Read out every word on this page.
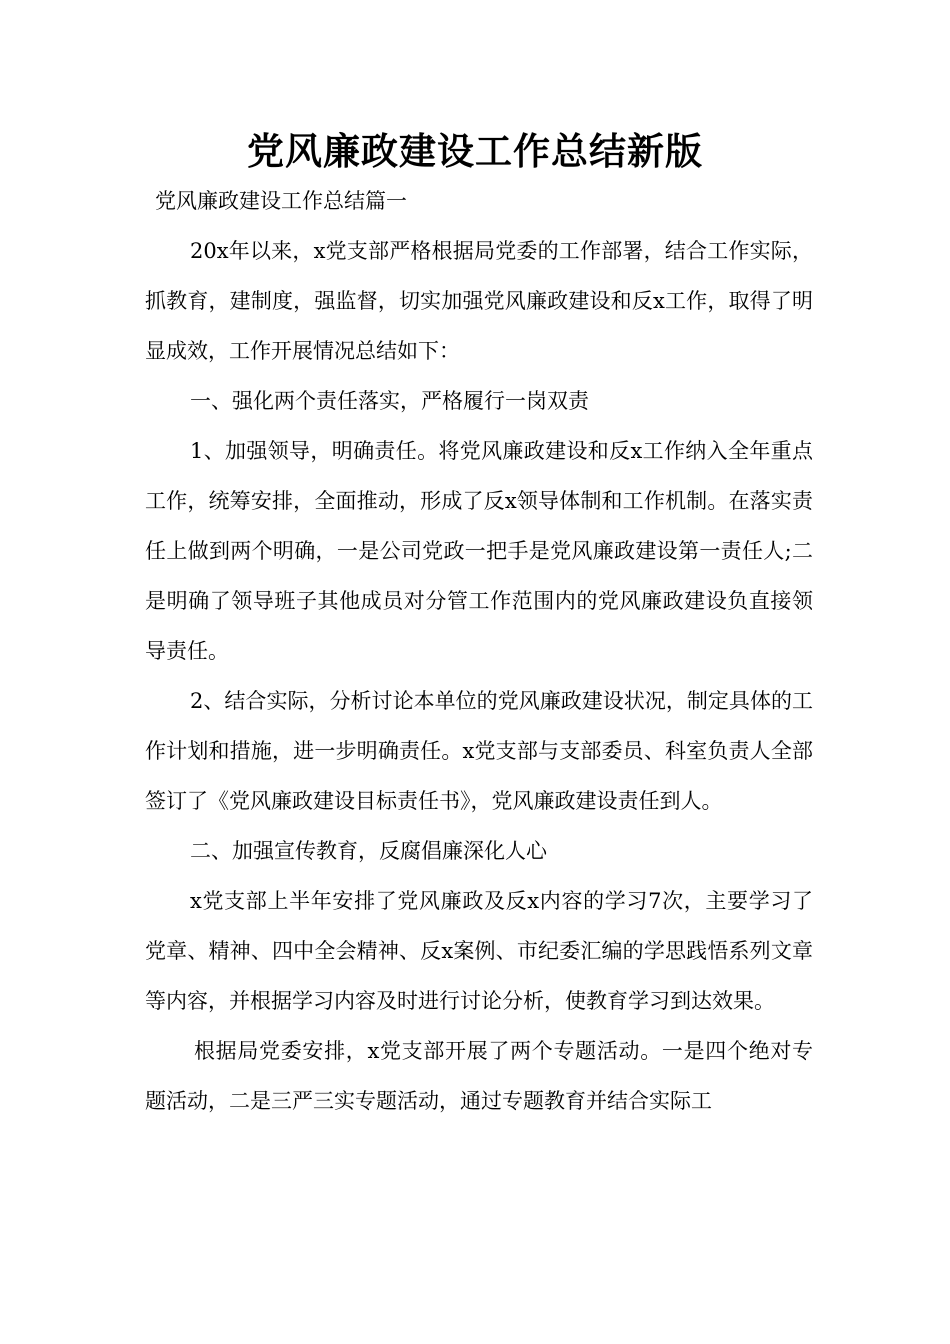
党风廉政建设工作总结新版
党风廉政建设工作总结篇一

20x年以来，x党支部严格根据局党委的工作部署，结合工作实际，抓教育，建制度，强监督，切实加强党风廉政建设和反x工作，取得了明显成效，工作开展情况总结如下：

一、强化两个责任落实，严格履行一岗双责

1、加强领导，明确责任。将党风廉政建设和反x工作纳入全年重点工作，统筹安排，全面推动，形成了反x领导体制和工作机制。在落实责任上做到两个明确，一是公司党政一把手是党风廉政建设第一责任人;二是明确了领导班子其他成员对分管工作范围内的党风廉政建设负直接领导责任。

2、结合实际，分析讨论本单位的党风廉政建设状况，制定具体的工作计划和措施，进一步明确责任。x党支部与支部委员、科室负责人全部签订了《党风廉政建设目标责任书》，党风廉政建设责任到人。

二、加强宣传教育，反腐倡廉深化人心

x党支部上半年安排了党风廉政及反x内容的学习7次，主要学习了党章、精神、四中全会精神、反x案例、市纪委汇编的学思践悟系列文章等内容，并根据学习内容及时进行讨论分析，使教育学习到达效果。

根据局党委安排，x党支部开展了两个专题活动。一是四个绝对专题活动，二是三严三实专题活动，通过专题教育并结合实际工
